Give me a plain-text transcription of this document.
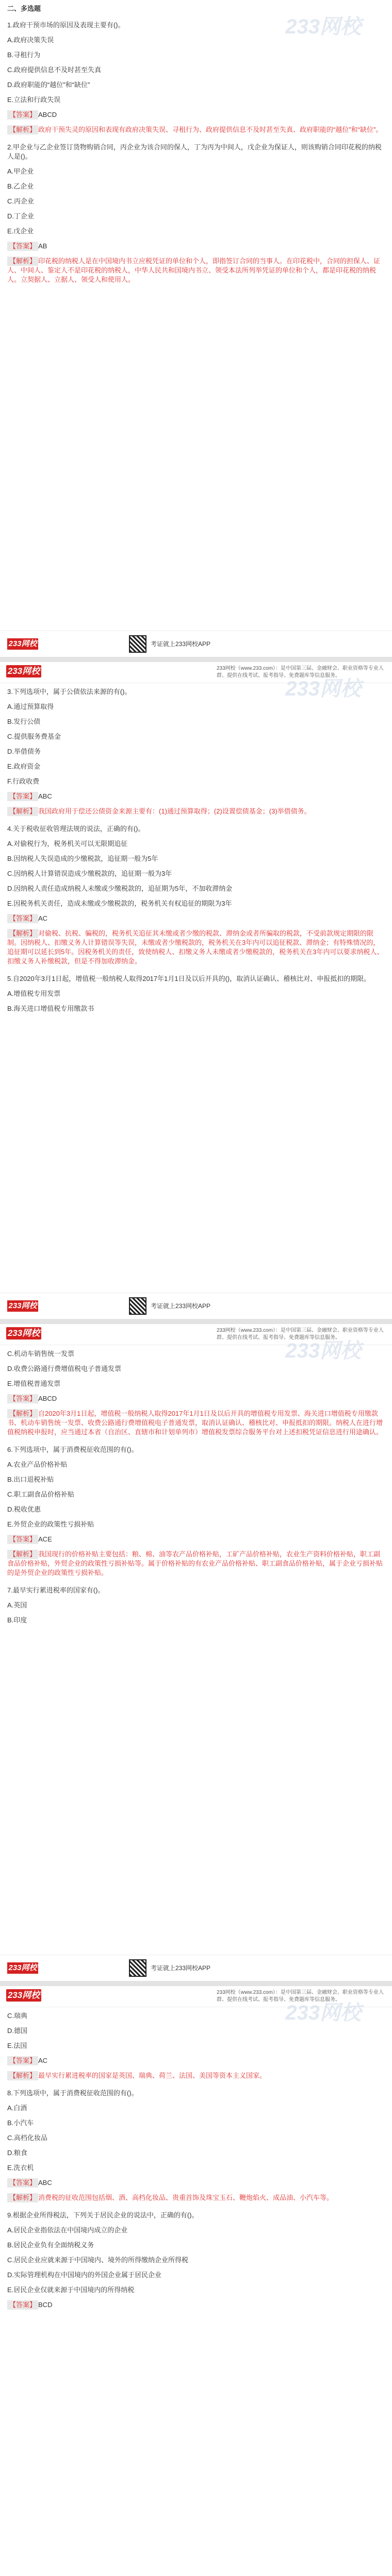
二、多选题

1.政府干预市场的原因及表现主要有()。

A.政府决策失误

B.寻租行为

C.政府提供信息不及时甚至失真

D.政府职能的“越位”和“缺位”

E.立法和行政失误

【答案】 ABCD

【解析】 政府干预失灵的原因和表现有政府决策失误、寻租行为、政府提供信息不及时甚至失真、政府职能的“越位”和“缺位”。

2.甲企业与乙企业签订货物购销合同，丙企业为该合同的保人，丁为丙为中间人，戊企业为保证人，则该购销合同印花税的纳税人是()。

A.甲企业

B.乙企业

C.丙企业

D.丁企业

E.戊企业

【答案】 AB

【解析】 印花税的纳税人是在中国境内书立应税凭证的单位和个人，即指签订合同的当事人。在印花税中，合同的担保人、证人、中间人、鉴定人不是印花税的纳税人，中华人民共和国境内书立、领受本法所列举凭证的单位和个人，都是印花税的纳税人。立契据人、立据人、领受人和使用人。

233网校
233网校	考证就上233网校APP
233网校	233网校（www.233.com）：是中国第三届、金融财会、职业资格等专业人群、提供在线考试、报考指导、免费题库等信息服务。

3.下列选项中，属于公债依法来源的有()。

A.通过预算取得

B.发行公债

C.提供服务费基金

D.举借债务

E.政府资金

F.行政收费

【答案】 ABC

【解析】 我国政府用于偿还公债资金来源主要有：(1)通过预算取得；(2)设置偿债基金；(3)举借债务。

4.关于税收征收管理法规的说法，正确的有()。

A.对偷税行为，税务机关可以无限期追征

B.因纳税人失误造成的少缴税款，追征期一般为5年

C.因纳税人计算错误造成少缴税款的，追征期一般为3年

D.因纳税人责任造成纳税人未缴或少缴税款的，追征期为5年，不加收滞纳金

E.因税务机关责任，造成未缴或少缴税款的，税务机关有权追征的期限为3年

【答案】 AC

【解析】 对偷税、抗税、骗税的，税务机关追征其未缴或者少缴的税款、滞纳金或者所骗取的税款，不受前款规定期限的限制。因纳税人、扣缴义务人计算错误等失误，未缴或者少缴税款的，税务机关在3年内可以追征税款、滞纳金；有特殊情况的，追征期可以延长到5年。因税务机关的责任，致使纳税人、扣缴义务人未缴或者少缴税款的，税务机关在3年内可以要求纳税人、扣缴义务人补缴税款，但是不得加收滞纳金。

5.自2020年3月1日起，增值税一般纳税人取得2017年1月1日及以后开具的()，取消认证确认、稽核比对、申报抵扣的期限。

A.增值税专用发票

B.海关进口增值税专用缴款书

233网校
233网校	考证就上233网校APP
233网校	233网校（www.233.com）：是中国第三届、金融财会、职业资格等专业人群、提供在线考试、报考指导、免费题库等信息服务。

C.机动车销售统一发票

D.收费公路通行费增值税电子普通发票

E.增值税普通发票

【答案】 ABCD

【解析】 自2020年3月1日起，增值税一般纳税人取得2017年1月1日及以后开具的增值税专用发票、海关进口增值税专用缴款书、机动车销售统一发票、收费公路通行费增值税电子普通发票，取消认证确认、稽核比对、申报抵扣的期限。纳税人在进行增值税纳税申报时，应当通过本省（自治区、直辖市和计划单列市）增值税发票综合服务平台对上述扣税凭证信息进行用途确认。

6.下列选项中，属于消费税征收范围的有()。

A.农业产品价格补贴

B.出口退税补贴

C.职工副食品价格补贴

D.税收优惠

E.外贸企业的政策性亏损补贴

【答案】 ACE

【解析】 我国现行的价格补贴主要包括：粮、棉、油等农产品价格补贴，工矿产品价格补贴，农业生产资料价格补贴，职工副食品价格补贴，外贸企业的政策性亏损补贴等。属于价格补贴的有农业产品价格补贴、职工副食品价格补贴，属于企业亏损补贴的是外贸企业的政策性亏损补贴。

7.最早实行累进税率的国家有()。

A.英国

B.印度

233网校
233网校	考证就上233网校APP
233网校	233网校（www.233.com）：是中国第三届、金融财会、职业资格等专业人群、提供在线考试、报考指导、免费题库等信息服务。

C.瑞典

D.德国

E.法国

【答案】 AC

【解析】 最早实行累进税率的国家是英国、瑞典、荷兰、法国、美国等资本主义国家。

8.下列选项中，属于消费税征收范围的有()。

A.白酒

B.小汽车

C.高档化妆品

D.粮食

E.洗衣机

【答案】 ABC

【解析】 消费税的征收范围包括烟、酒、高档化妆品、贵重首饰及珠宝玉石、鞭炮焰火、成品油、小汽车等。

9.根据企业所得税法，下列关于居民企业的说法中，正确的有()。

A.居民企业指依法在中国境内成立的企业

B.居民企业负有全面纳税义务

C.居民企业应就来源于中国境内、境外的所得缴纳企业所得税

D.实际管理机构在中国境内的外国企业属于居民企业

E.居民企业仅就来源于中国境内的所得纳税

【答案】 BCD

233网校
